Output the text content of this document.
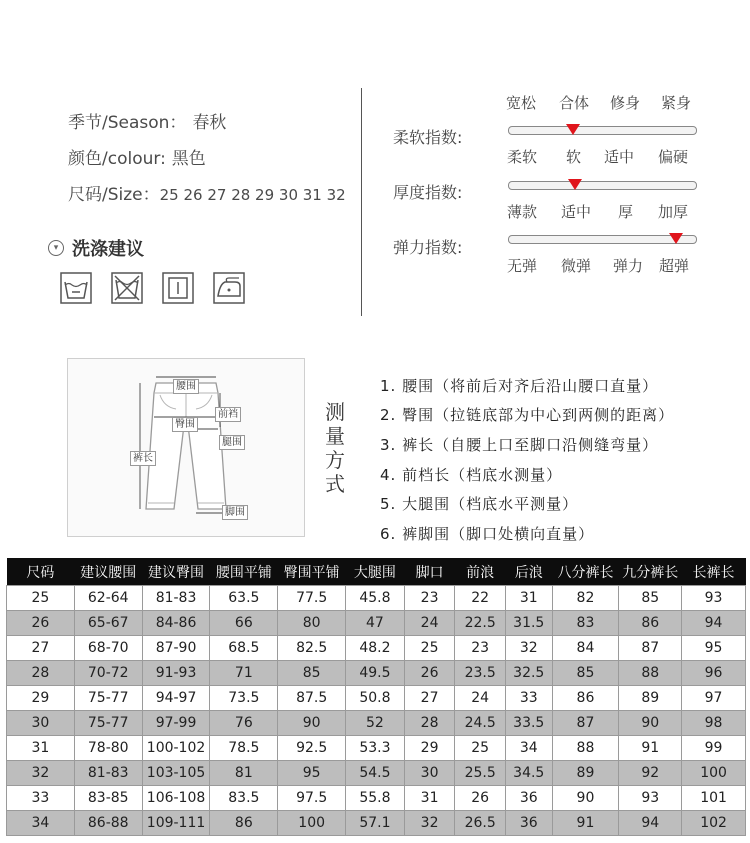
季节/Season： 春秋
颜色/colour: 黑色
尺码/Size：25 26 27 28 29 30 31 32
▾ 洗涤建议
宽松 合体 修身 紧身
柔软指数:
柔软 软 适中 偏硬
厚度指数:
薄款 适中 厚 加厚
弹力指数:
无弹 微弹 弹力 超弹
腰围
前裆
臀围
腿围
裤长
脚围
测量方式
1. 腰围（将前后对齐后沿山腰口直量）
2. 臀围（拉链底部为中心到两侧的距离）
3. 裤长（自腰上口至脚口沿侧缝弯量）
4. 前档长（档底水测量）
5. 大腿围（档底水平测量）
6. 裤脚围（脚口处横向直量）
尺码	建议腰围	建议臀围	腰围平铺	臀围平铺	大腿围	脚口	前浪	后浪	八分裤长	九分裤长	长裤长
25	62-64	81-83	63.5	77.5	45.8	23	22	31	82	85	93
26	65-67	84-86	66	80	47	24	22.5	31.5	83	86	94
27	68-70	87-90	68.5	82.5	48.2	25	23	32	84	87	95
28	70-72	91-93	71	85	49.5	26	23.5	32.5	85	88	96
29	75-77	94-97	73.5	87.5	50.8	27	24	33	86	89	97
30	75-77	97-99	76	90	52	28	24.5	33.5	87	90	98
31	78-80	100-102	78.5	92.5	53.3	29	25	34	88	91	99
32	81-83	103-105	81	95	54.5	30	25.5	34.5	89	92	100
33	83-85	106-108	83.5	97.5	55.8	31	26	36	90	93	101
34	86-88	109-111	86	100	57.1	32	26.5	36	91	94	102
